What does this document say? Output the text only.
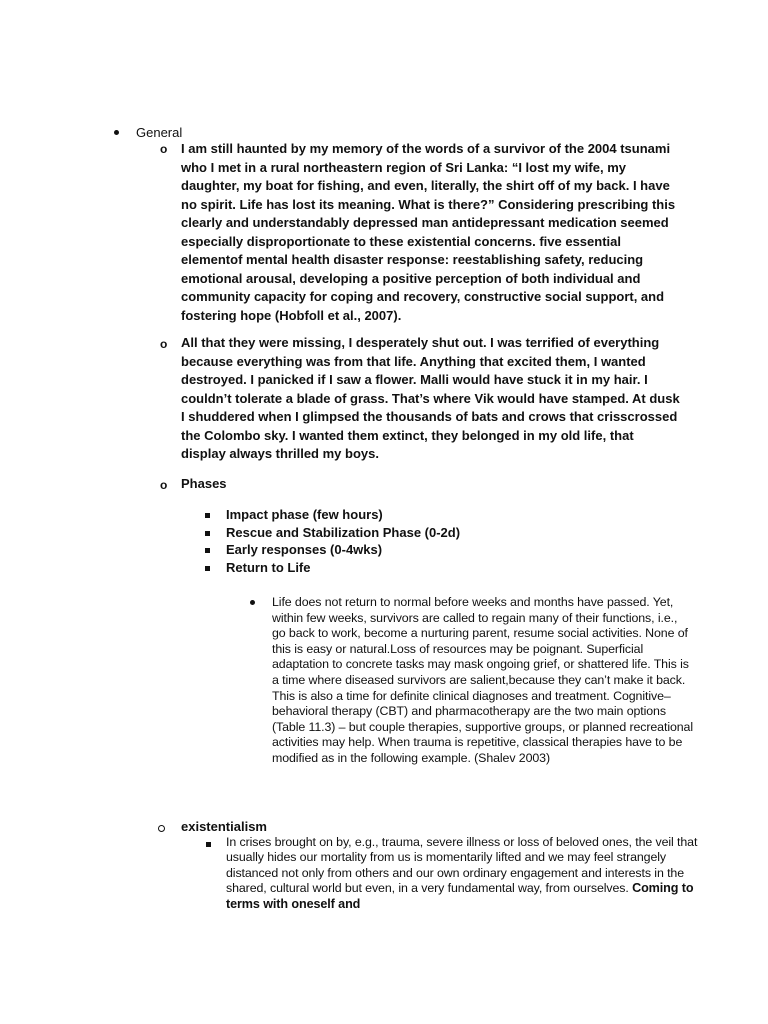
General
o I am still haunted by my memory of the words of a survivor of the 2004 tsunami who I met in a rural northeastern region of Sri Lanka: “I lost my wife, my daughter, my boat for fishing, and even, literally, the shirt off of my back. I have no spirit. Life has lost its meaning. What is there?” Considering prescribing this clearly and understandably depressed man antidepressant medication seemed especially disproportionate to these existential concerns. five essential elementof mental health disaster response: reestablishing safety, reducing emotional arousal, developing a positive perception of both individual and community capacity for coping and recovery, constructive social support, and fostering hope (Hobfoll et al., 2007).
o All that they were missing, I desperately shut out. I was terrified of everything because everything was from that life. Anything that excited them, I wanted destroyed. I panicked if I saw a flower. Malli would have stuck it in my hair. I couldn’t tolerate a blade of grass. That’s where Vik would have stamped. At dusk I shuddered when I glimpsed the thousands of bats and crows that crisscrossed the Colombo sky. I wanted them extinct, they belonged in my old life, that display always thrilled my boys.
o Phases
Impact phase (few hours)
Rescue and Stabilization Phase (0-2d)
Early responses (0-4wks)
Return to Life
Life does not return to normal before weeks and months have passed. Yet, within few weeks, survivors are called to regain many of their functions, i.e., go back to work, become a nurturing parent, resume social activities. None of this is easy or natural.Loss of resources may be poignant. Superficial adaptation to concrete tasks may mask ongoing grief, or shattered life. This is a time where diseased survivors are salient,because they can’t make it back. This is also a time for definite clinical diagnoses and treatment. Cognitive–behavioral therapy (CBT) and pharmacotherapy are the two main options (Table 11.3) – but couple therapies, supportive groups, or planned recreational activities may help. When trauma is repetitive, classical therapies have to be modified as in the following example. (Shalev 2003)
existentialism
In crises brought on by, e.g., trauma, severe illness or loss of beloved ones, the veil that usually hides our mortality from us is momentarily lifted and we may feel strangely distanced not only from others and our own ordinary engagement and interests in the shared, cultural world but even, in a very fundamental way, from ourselves. Coming to terms with oneself and
